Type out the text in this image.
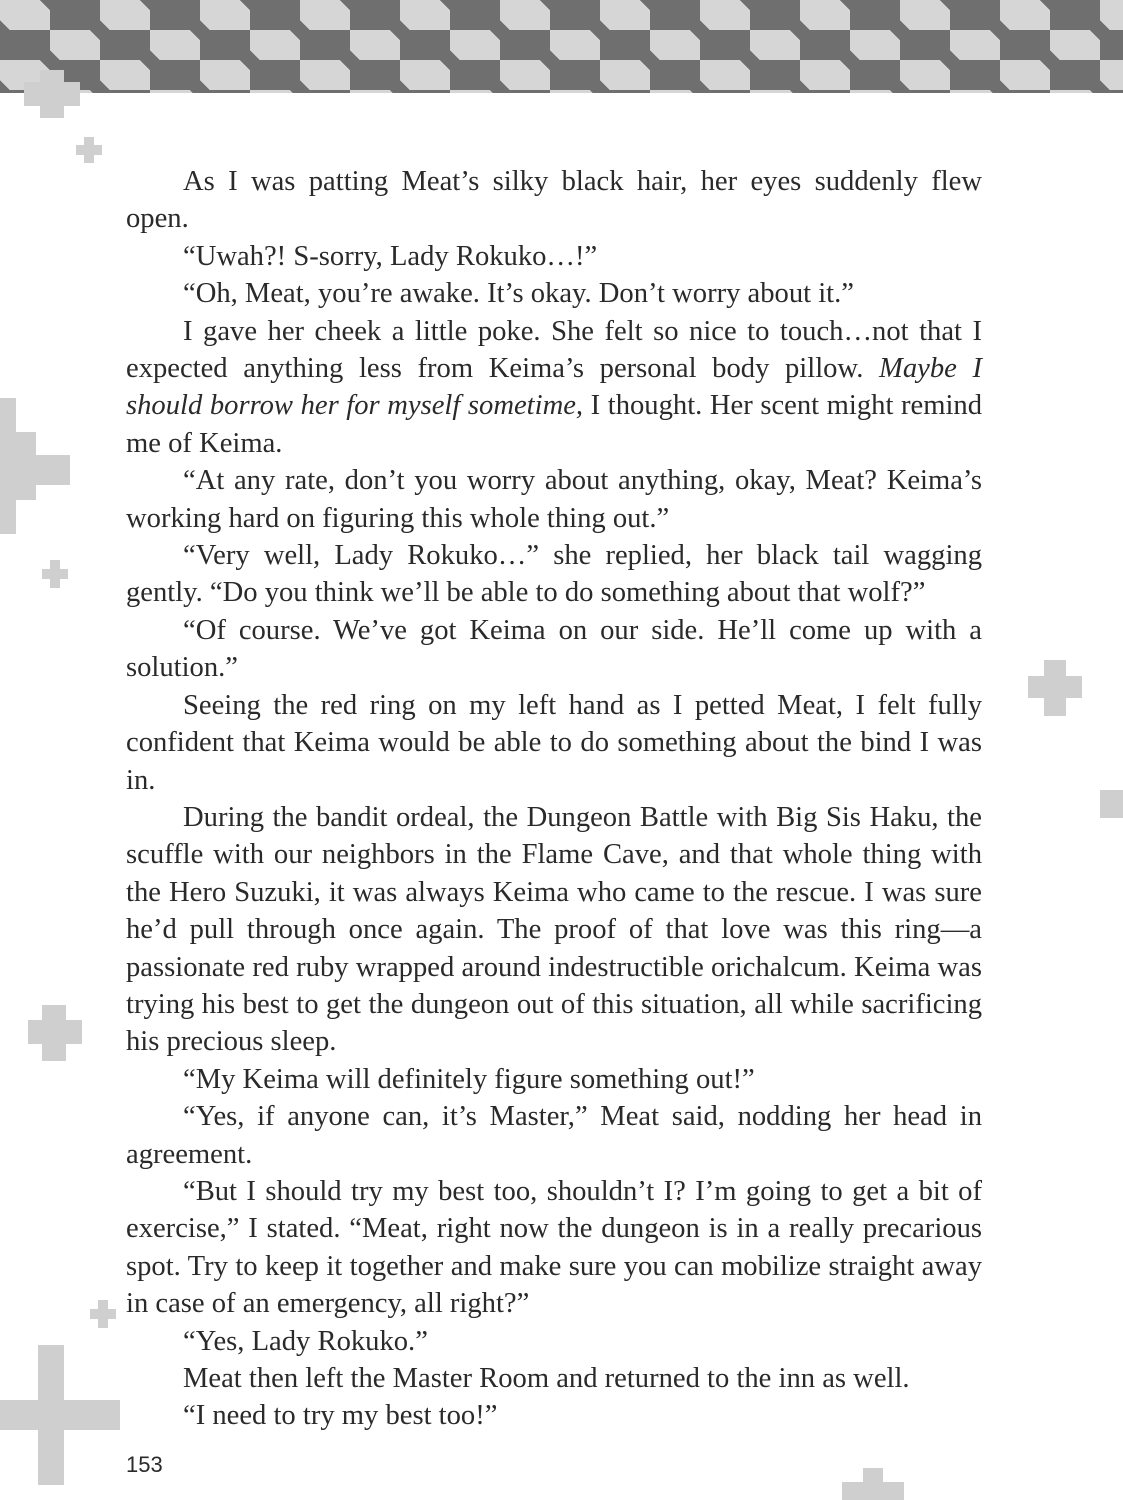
As I was patting Meat’s silky black hair, her eyes suddenly flew open.

“Uwah?! S-sorry, Lady Rokuko…!”

“Oh, Meat, you’re awake. It’s okay. Don’t worry about it.”

I gave her cheek a little poke. She felt so nice to touch…not that I expected anything less from Keima’s personal body pillow. Maybe I should borrow her for myself sometime, I thought. Her scent might remind me of Keima.

“At any rate, don’t you worry about anything, okay, Meat? Keima’s working hard on figuring this whole thing out.”

“Very well, Lady Rokuko…” she replied, her black tail wagging gently. “Do you think we’ll be able to do something about that wolf?”

“Of course. We’ve got Keima on our side. He’ll come up with a solution.”

Seeing the red ring on my left hand as I petted Meat, I felt fully confident that Keima would be able to do something about the bind I was in.

During the bandit ordeal, the Dungeon Battle with Big Sis Haku, the scuffle with our neighbors in the Flame Cave, and that whole thing with the Hero Suzuki, it was always Keima who came to the rescue. I was sure he’d pull through once again. The proof of that love was this ring—a passionate red ruby wrapped around indestructible orichalcum. Keima was trying his best to get the dungeon out of this situation, all while sacrificing his precious sleep.

“My Keima will definitely figure something out!”

“Yes, if anyone can, it’s Master,” Meat said, nodding her head in agreement.

“But I should try my best too, shouldn’t I? I’m going to get a bit of exercise,” I stated. “Meat, right now the dungeon is in a really precarious spot. Try to keep it together and make sure you can mobilize straight away in case of an emergency, all right?”

“Yes, Lady Rokuko.”

Meat then left the Master Room and returned to the inn as well.

“I need to try my best too!”

153
